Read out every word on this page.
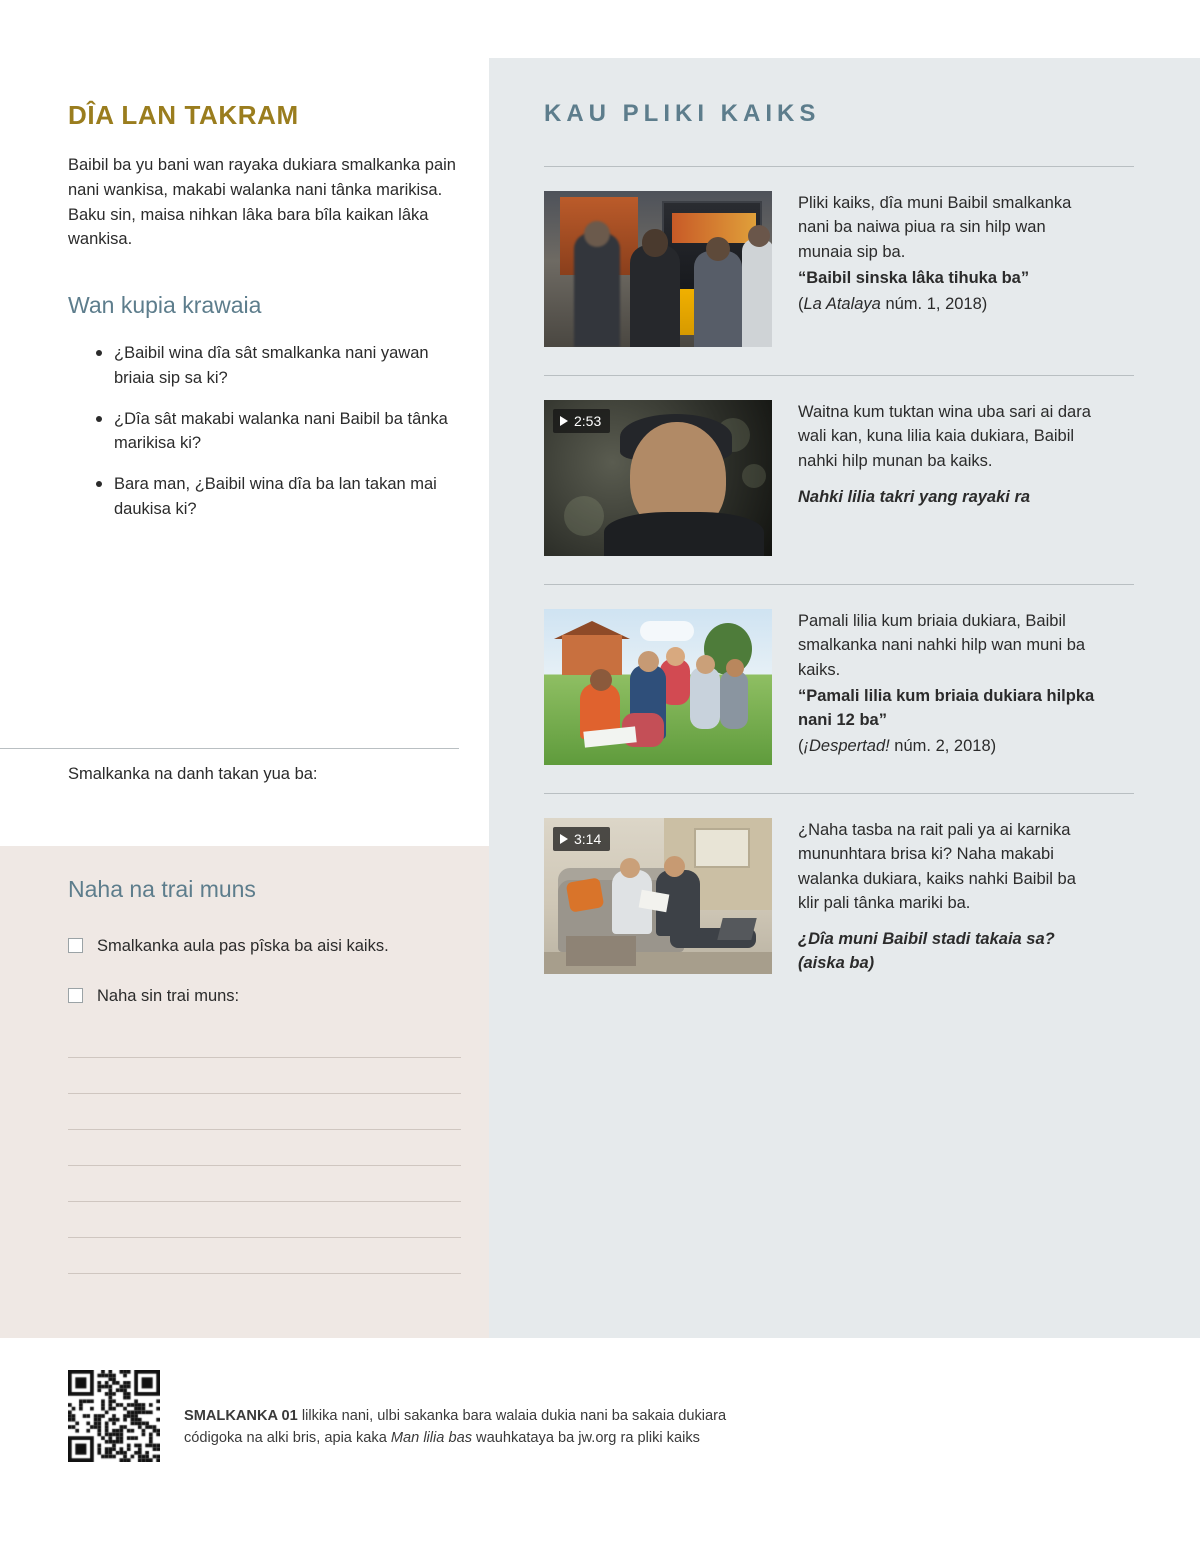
DÎA LAN TAKRAM

Baibil ba yu bani wan rayaka dukiara smalkanka pain nani wankisa, makabi walanka nani tânka marikisa. Baku sin, maisa nihkan lâka bara bîla kaikan lâka wankisa.

Wan kupia krawaia
¿Baibil wina dîa sât smalkanka nani yawan briaia sip sa ki?
¿Dîa sât makabi walanka nani Baibil ba tânka marikisa ki?
Bara man, ¿Baibil wina dîa ba lan takan mai daukisa ki?
Smalkanka na danh takan yua ba:
Naha na trai muns
Smalkanka aula pas pîska ba aisi kaiks.
Naha sin trai muns:
KAU PLIKI KAIKS

Pliki kaiks, dîa muni Baibil smalkanka nani ba naiwa piua ra sin hilp wan munaia sip ba.

“Baibil sinska lâka tihuka ba”

(La Atalaya núm. 1, 2018)

2:53	Waitna kum tuktan wina uba sari ai dara wali kan, kuna lilia kaia dukiara, Baibil nahki hilp munan ba kaiks.

Nahki lilia takri yang rayaki ra

Pamali lilia kum briaia dukiara, Baibil smalkanka nani nahki hilp wan muni ba kaiks.

“Pamali lilia kum briaia dukiara hilpka nani 12 ba”

(¡Despertad! núm. 2, 2018)

3:14	¿Naha tasba na rait pali ya ai karnika mununhtara brisa ki? Naha makabi walanka dukiara, kaiks nahki Baibil ba klir pali tânka mariki ba.

¿Dîa muni Baibil stadi takaia sa? (aiska ba)

SMALKANKA 01 lilkika nani, ulbi sakanka bara walaia dukia nani ba sakaia dukiara códigoka na alki bris, apia kaka Man lilia bas wauhkataya ba jw.org ra pliki kaiks
